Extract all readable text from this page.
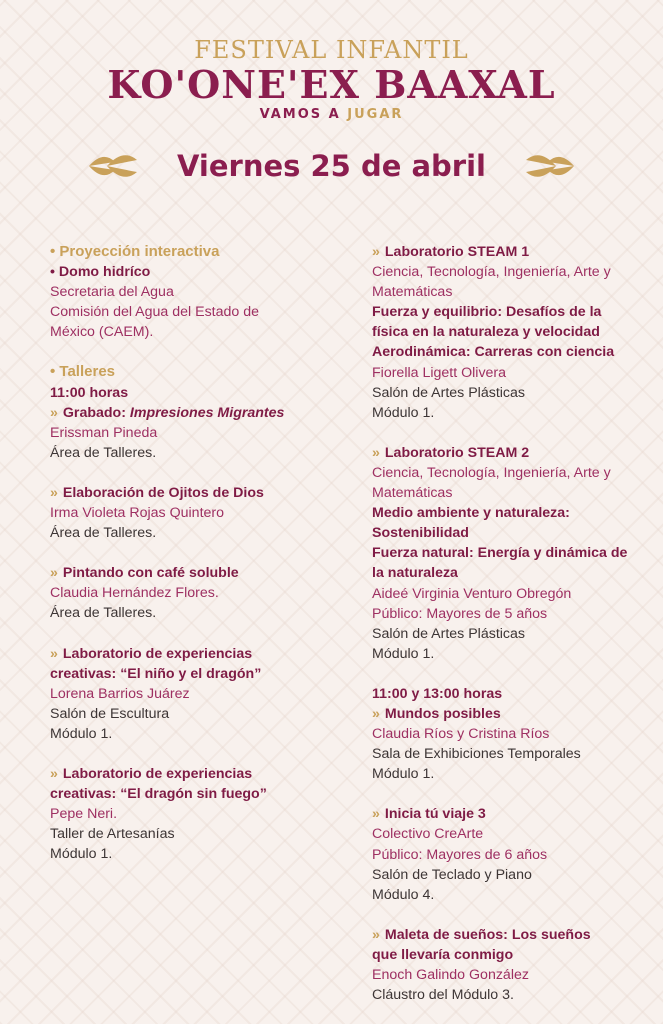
FESTIVAL INFANTIL
KO'ONE'EX BAAXAL
VAMOS A JUGAR
Viernes 25 de abril
• Proyección interactiva
• Domo hidríco
Secretaria del Agua
Comisión del Agua del Estado de
México (CAEM).
• Talleres
11:00 horas
» Grabado: Impresiones Migrantes
Erissman Pineda
Área de Talleres.
» Elaboración de Ojitos de Dios
Irma Violeta Rojas Quintero
Área de Talleres.
» Pintando con café soluble
Claudia Hernández Flores.
Área de Talleres.
» Laboratorio de experiencias
creativas: “El niño y el dragón”
Lorena Barrios Juárez
Salón de Escultura
Módulo 1.
» Laboratorio de experiencias
creativas: “El dragón sin fuego”
Pepe Neri.
Taller de Artesanías
Módulo 1.
» Laboratorio STEAM 1
Ciencia, Tecnología, Ingeniería, Arte y
Matemáticas
Fuerza y equilibrio: Desafíos de la
física en la naturaleza y velocidad
Aerodinámica: Carreras con ciencia
Fiorella Ligett Olivera
Salón de Artes Plásticas
Módulo 1.
» Laboratorio STEAM 2
Ciencia, Tecnología, Ingeniería, Arte y
Matemáticas
Medio ambiente y naturaleza:
Sostenibilidad
Fuerza natural: Energía y dinámica de
la naturaleza
Aideé Virginia Venturo Obregón
Público: Mayores de 5 años
Salón de Artes Plásticas
Módulo 1.
11:00 y 13:00 horas
» Mundos posibles
Claudia Ríos y Cristina Ríos
Sala de Exhibiciones Temporales
Módulo 1.
» Inicia tú viaje 3
Colectivo CreArte
Público: Mayores de 6 años
Salón de Teclado y Piano
Módulo 4.
» Maleta de sueños: Los sueños
que llevaría conmigo
Enoch Galindo González
Cláustro del Módulo 3.
